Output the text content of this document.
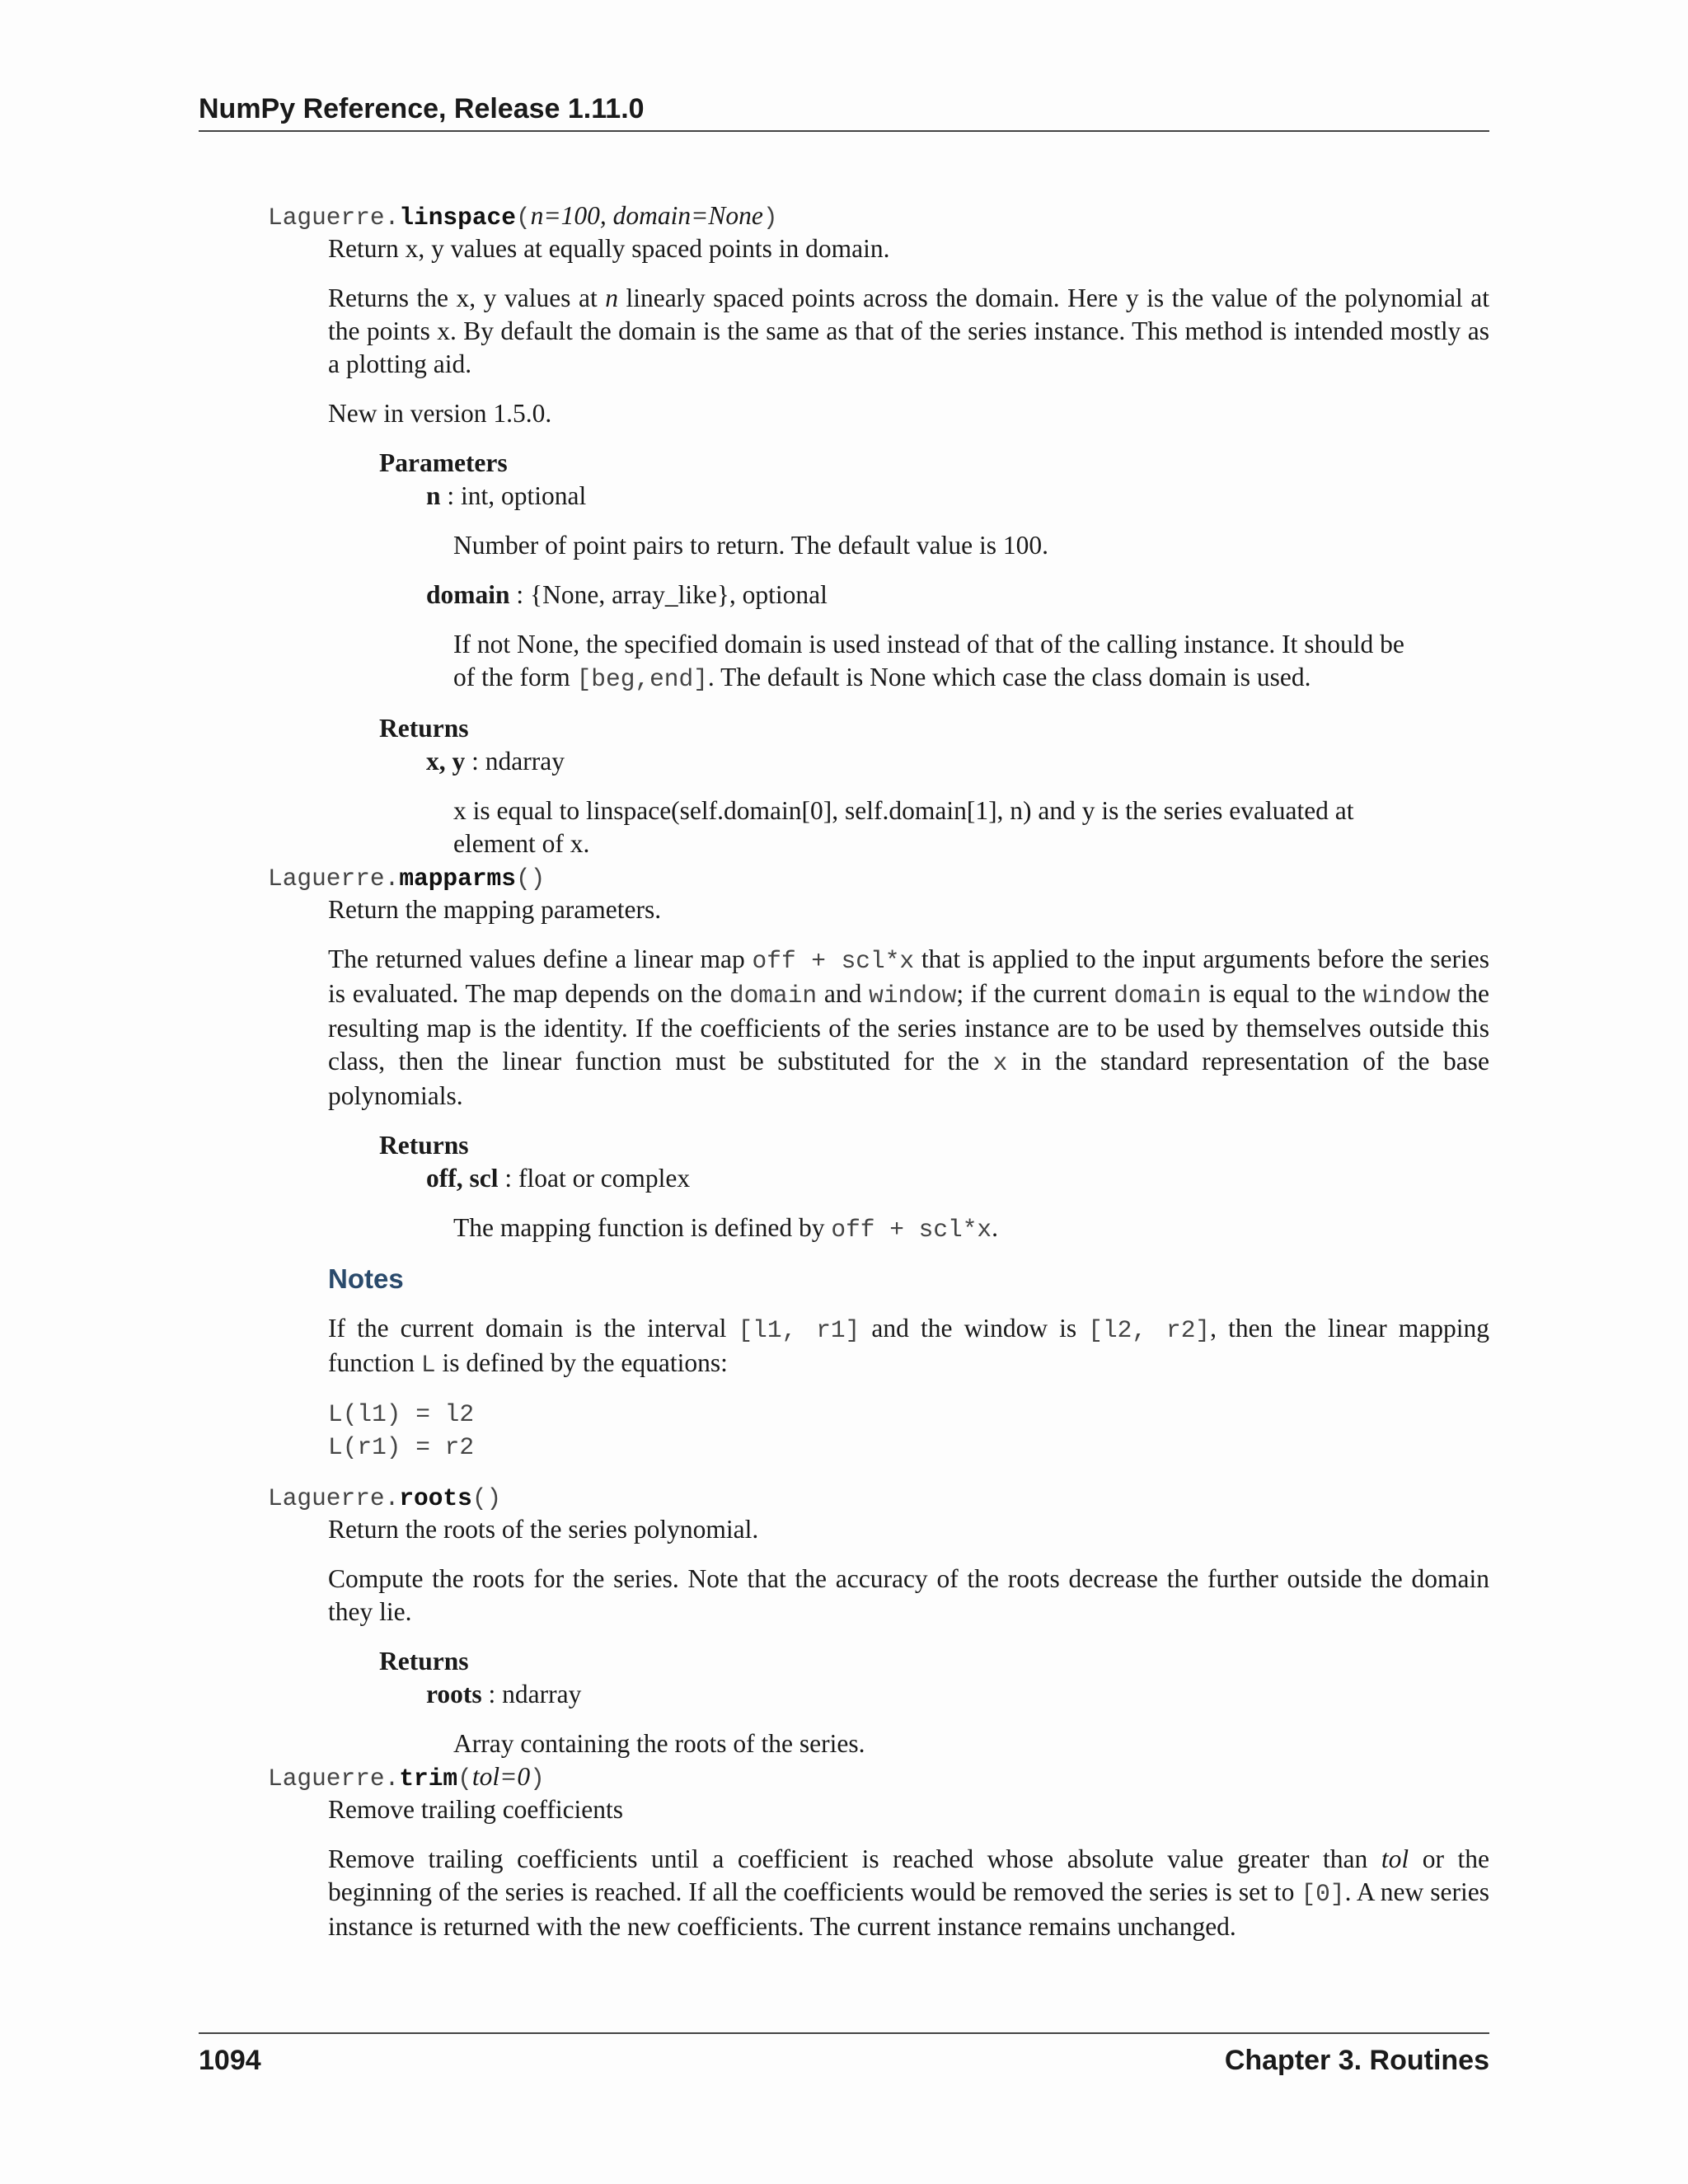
NumPy Reference, Release 1.11.0
Laguerre.linspace(n=100, domain=None)
Return x, y values at equally spaced points in domain.
Returns the x, y values at n linearly spaced points across the domain. Here y is the value of the polynomial at the points x. By default the domain is the same as that of the series instance. This method is intended mostly as a plotting aid.
New in version 1.5.0.
Parameters
n : int, optional
Number of point pairs to return. The default value is 100.
domain : {None, array_like}, optional
If not None, the specified domain is used instead of that of the calling instance. It should be of the form [beg,end]. The default is None which case the class domain is used.
Returns
x, y : ndarray
x is equal to linspace(self.domain[0], self.domain[1], n) and y is the series evaluated at element of x.
Laguerre.mapparms()
Return the mapping parameters.
The returned values define a linear map off + scl*x that is applied to the input arguments before the series is evaluated. The map depends on the domain and window; if the current domain is equal to the window the resulting map is the identity. If the coefficients of the series instance are to be used by themselves outside this class, then the linear function must be substituted for the x in the standard representation of the base polynomials.
Returns
off, scl : float or complex
The mapping function is defined by off + scl*x.
Notes
If the current domain is the interval [l1, r1] and the window is [l2, r2], then the linear mapping function L is defined by the equations:
L(l1) = l2
L(r1) = r2
Laguerre.roots()
Return the roots of the series polynomial.
Compute the roots for the series. Note that the accuracy of the roots decrease the further outside the domain they lie.
Returns
roots : ndarray
Array containing the roots of the series.
Laguerre.trim(tol=0)
Remove trailing coefficients
Remove trailing coefficients until a coefficient is reached whose absolute value greater than tol or the beginning of the series is reached. If all the coefficients would be removed the series is set to [0]. A new series instance is returned with the new coefficients. The current instance remains unchanged.
1094	Chapter 3. Routines
